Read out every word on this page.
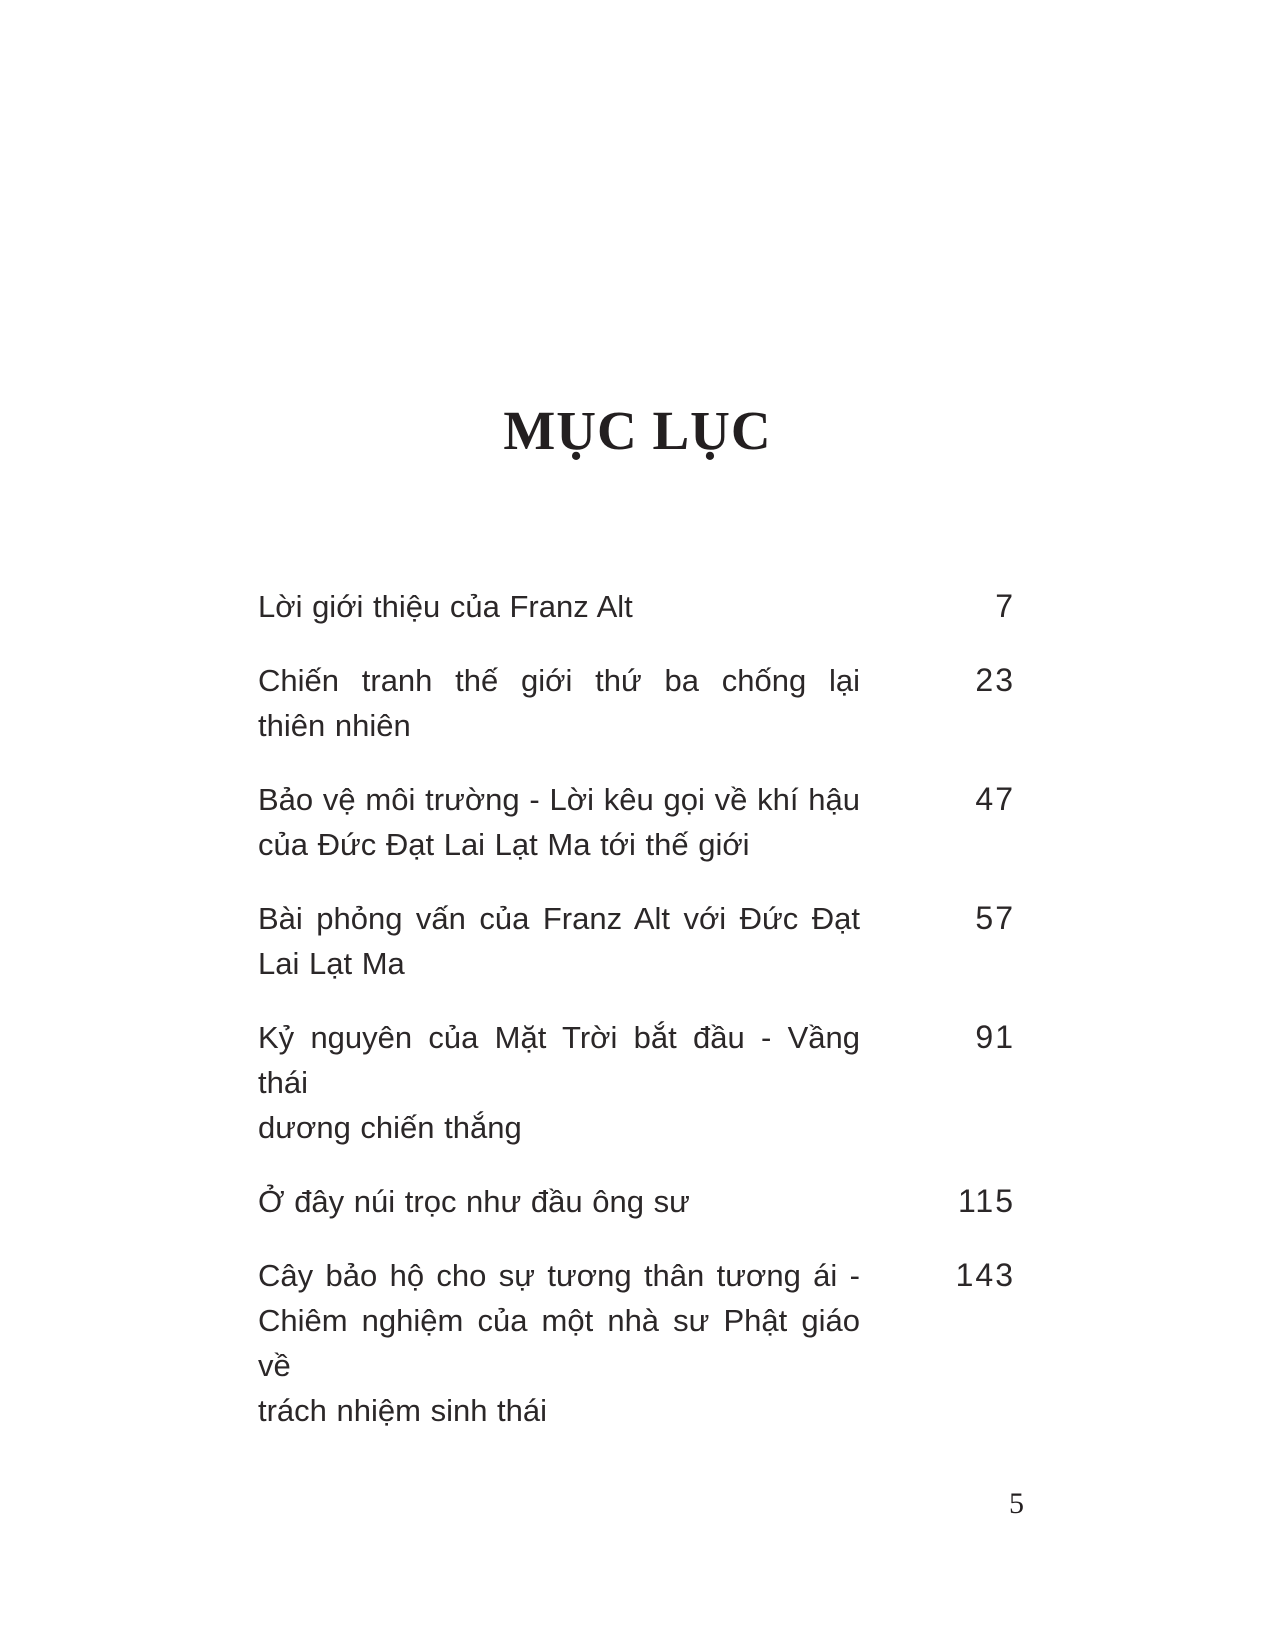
MỤC LỤC
Lời giới thiệu của Franz Alt	7
Chiến tranh thế giới thứ ba chống lại
thiên nhiên
23
Bảo vệ môi trường - Lời kêu gọi về khí hậu
của Đức Đạt Lai Lạt Ma tới thế giới
47
Bài phỏng vấn của Franz Alt với Đức Đạt
Lai Lạt Ma
57
Kỷ nguyên của Mặt Trời bắt đầu - Vầng thái
dương chiến thắng
91
Ở đây núi trọc như đầu ông sư	115
Cây bảo hộ cho sự tương thân tương ái -
Chiêm nghiệm của một nhà sư Phật giáo về
trách nhiệm sinh thái
143
5
